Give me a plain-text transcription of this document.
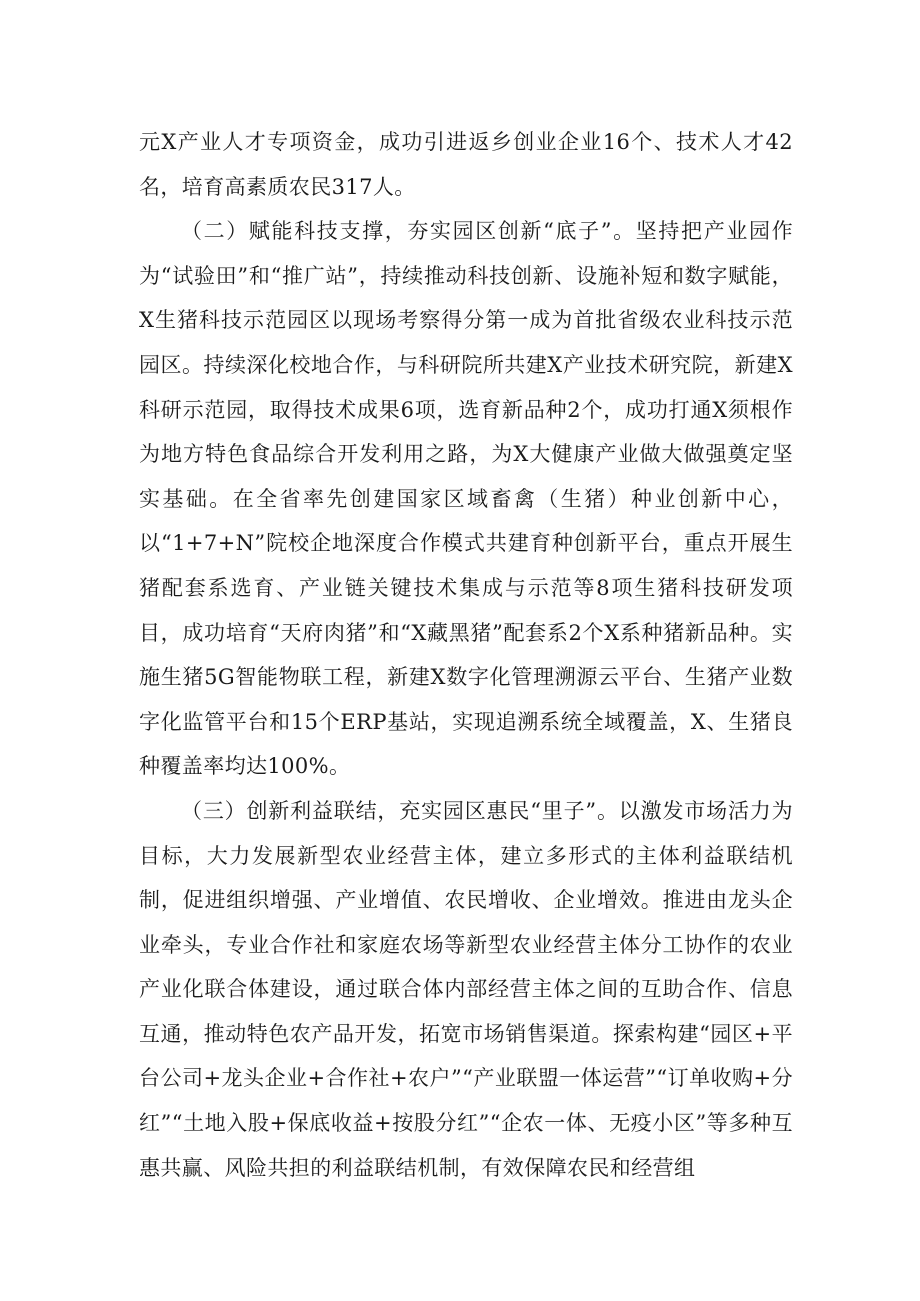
元X产业人才专项资金，成功引进返乡创业企业16个、技术人才42名，培育高素质农民317人。

（二）赋能科技支撑，夯实园区创新“底子”。坚持把产业园作为“试验田”和“推广站”，持续推动科技创新、设施补短和数字赋能，X生猪科技示范园区以现场考察得分第一成为首批省级农业科技示范园区。持续深化校地合作，与科研院所共建X产业技术研究院，新建X科研示范园，取得技术成果6项，选育新品种2个，成功打通X须根作为地方特色食品综合开发利用之路，为X大健康产业做大做强奠定坚实基础。在全省率先创建国家区域畜禽（生猪）种业创新中心，以“1+7+N”院校企地深度合作模式共建育种创新平台，重点开展生猪配套系选育、产业链关键技术集成与示范等8项生猪科技研发项目，成功培育“天府肉猪”和“X藏黑猪”配套系2个X系种猪新品种。实施生猪5G智能物联工程，新建X数字化管理溯源云平台、生猪产业数字化监管平台和15个ERP基站，实现追溯系统全域覆盖，X、生猪良种覆盖率均达100%。

（三）创新利益联结，充实园区惠民“里子”。以激发市场活力为目标，大力发展新型农业经营主体，建立多形式的主体利益联结机制，促进组织增强、产业增值、农民增收、企业增效。推进由龙头企业牵头，专业合作社和家庭农场等新型农业经营主体分工协作的农业产业化联合体建设，通过联合体内部经营主体之间的互助合作、信息互通，推动特色农产品开发，拓宽市场销售渠道。探索构建“园区+平台公司+龙头企业+合作社+农户”“产业联盟一体运营”“订单收购+分红”“土地入股+保底收益+按股分红”“企农一体、无疫小区”等多种互惠共赢、风险共担的利益联结机制，有效保障农民和经营组
